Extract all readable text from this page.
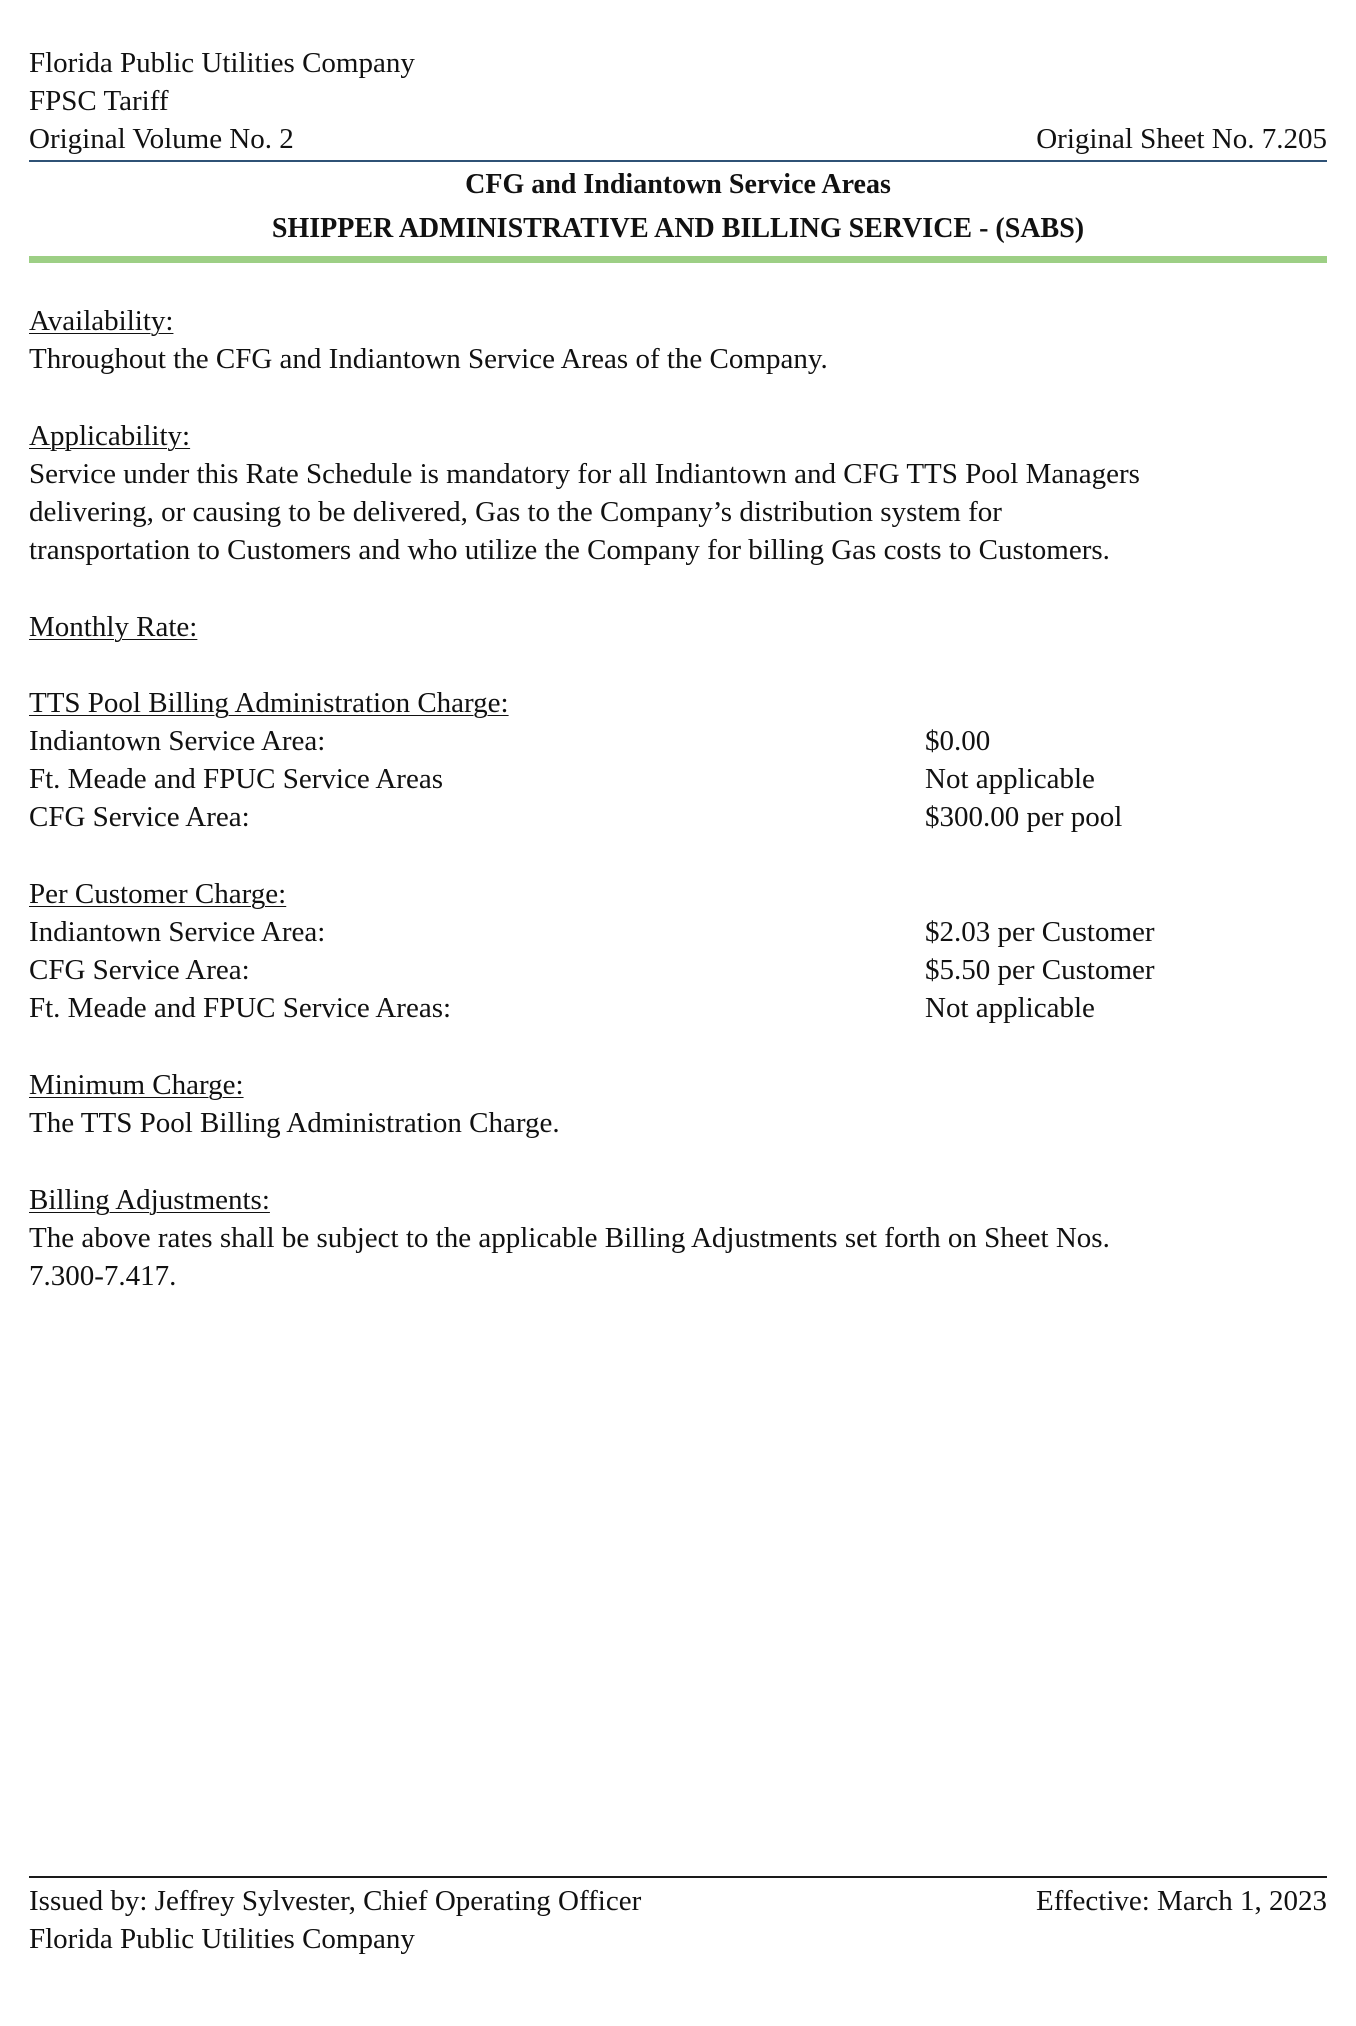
Florida Public Utilities Company
FPSC Tariff
Original Volume No. 2	Original Sheet No. 7.205
CFG and Indiantown Service Areas
SHIPPER ADMINISTRATIVE AND BILLING SERVICE - (SABS)
Availability:
Throughout the CFG and Indiantown Service Areas of the Company.
Applicability:
Service under this Rate Schedule is mandatory for all Indiantown and CFG TTS Pool Managers
delivering, or causing to be delivered, Gas to the Company’s distribution system for
transportation to Customers and who utilize the Company for billing Gas costs to Customers.
Monthly Rate:
TTS Pool Billing Administration Charge:
Indiantown Service Area:	$0.00
Ft. Meade and FPUC Service Areas	Not applicable
CFG Service Area:	$300.00 per pool
Per Customer Charge:
Indiantown Service Area:	$2.03 per Customer
CFG Service Area:	$5.50 per Customer
Ft. Meade and FPUC Service Areas:	Not applicable
Minimum Charge:
The TTS Pool Billing Administration Charge.
Billing Adjustments:
The above rates shall be subject to the applicable Billing Adjustments set forth on Sheet Nos.
7.300-7.417.
Issued by: Jeffrey Sylvester, Chief Operating Officer	Effective: March 1, 2023
Florida Public Utilities Company
